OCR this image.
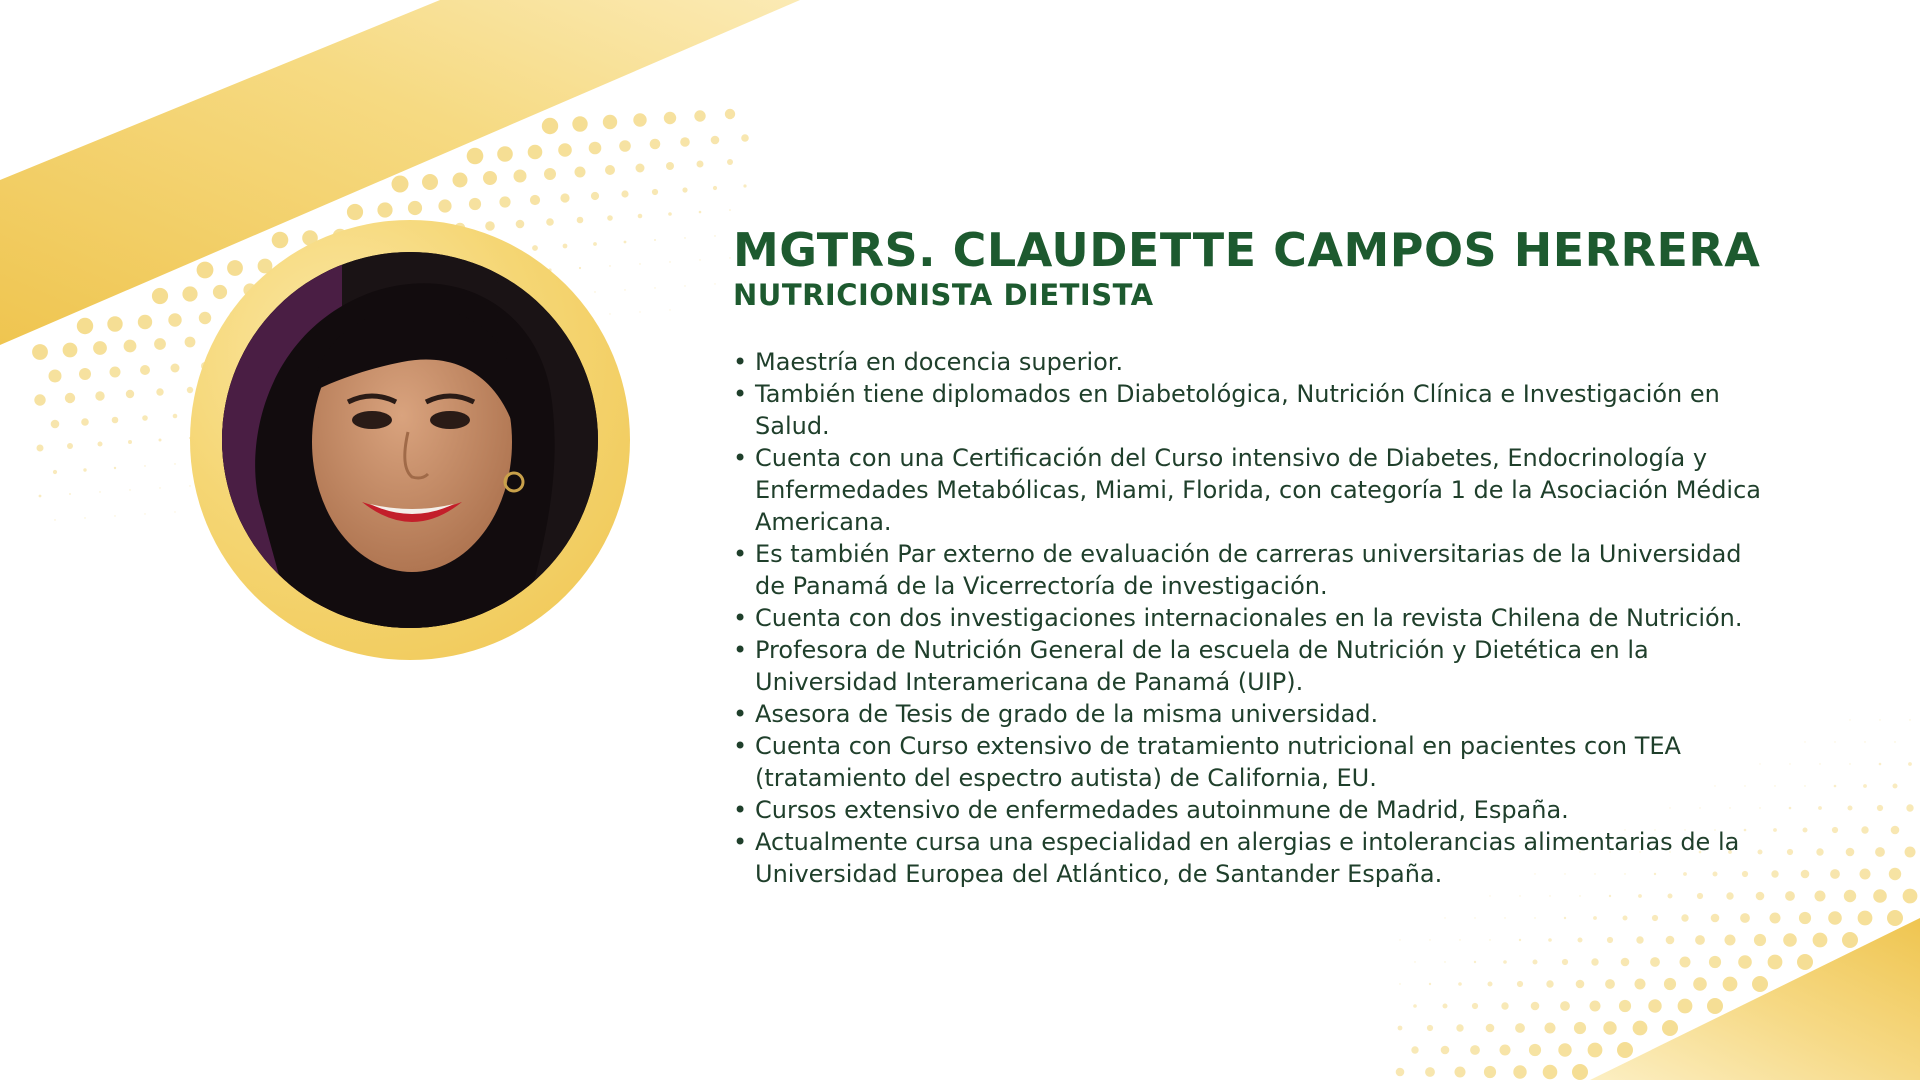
MGTRS. CLAUDETTE CAMPOS HERRERA
NUTRICIONISTA DIETISTA
• Maestría en docencia superior.
• También tiene diplomados en Diabetológica, Nutrición Clínica e Investigación en Salud.
• Cuenta con una Certificación del Curso intensivo de Diabetes, Endocrinología y Enfermedades Metabólicas, Miami, Florida, con categoría 1 de la Asociación Médica Americana.
• Es también Par externo de evaluación de carreras universitarias de la Universidad de Panamá de la Vicerrectoría de investigación.
• Cuenta con dos investigaciones internacionales en la revista Chilena de Nutrición.
• Profesora de Nutrición General de la escuela de Nutrición y Dietética en la Universidad Interamericana de Panamá (UIP).
• Asesora de Tesis de grado de la misma universidad.
• Cuenta con Curso extensivo de tratamiento nutricional en pacientes con TEA (tratamiento del espectro autista) de California, EU.
• Cursos extensivo de enfermedades autoinmune de Madrid, España.
• Actualmente cursa una especialidad en alergias e intolerancias alimentarias de la Universidad Europea del Atlántico, de Santander España.
